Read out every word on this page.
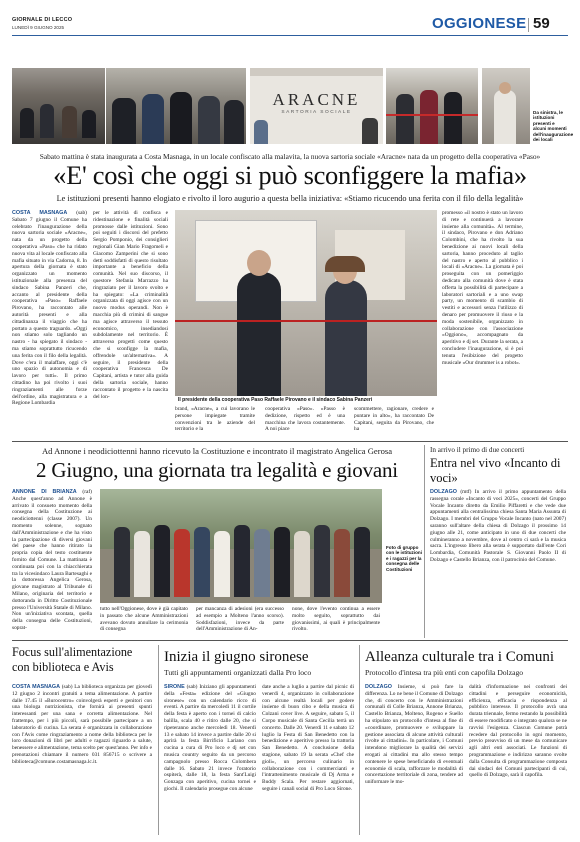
GIORNALE DI LECCO
LUNEDÌ 9 GIUGNO 2025	OGGIONESE 59
ARACNE
SARTORIA SOCIALE	Da sinistra, le istituzioni presenti e alcuni momenti dell'inaugurazione dei locali
Sabato mattina è stata inaugurata a Costa Masnaga, in un locale confiscato alla malavita, la nuova sartoria sociale «Aracne» nata da un progetto della cooperativa «Paso»
«E' così che oggi si può sconfiggere la mafia»
Le istituzioni presenti hanno elogiato e rivolto il loro augurio a questa bella iniziativa: «Stiamo ricucendo una ferita con il filo della legalità»

COSTA MASNAGA (sab) Sabato 7 giugno il Comune ha celebrato l'inaugurazione della nuova sartoria sociale «Aracne», nata da un progetto della cooperativa «Paso» che ha ridato nuova vita al locale confiscato alla mafia situato in via Cadorna, 8. In apertura della giornata è stato organizzato un momento istituzionale alla presenza del sindaco Sabina Panzeri che, accanto al presidente della cooperativa «Paso» Raffaele Pirovano, ha raccontato alle autorità presenti e alla cittadinanza il viaggio che ha portato a questo traguardo. «Oggi non stiamo solo tagliando un nastro - ha spiegato il sindaco - ma stiamo soprattutto ricucendo una ferita con il filo della legalità. Dove c'era il malaffare, oggi c'è uno spazio di autonomia e di lavoro per tutti». Il primo cittadino ha poi rivolto i suoi ringraziamenti alle forze dell'ordine, alla magistratura e a Regione Lombardia

per le attività di confisca e ridestinazione e finalità sociali promosse dalle istituzioni. Sono poi seguiti i discorsi del prefetto Sergio Pomponio, dei consiglieri regionali Gian Mario Fragomeli e Giacomo Zamperini che si sono detti soddisfatti di questo risultato importante a beneficio della comunità. Nel suo discorso, il questore Stefania Marrazzo ha ringraziato per il lavoro svolto e ha spiegato: «La criminalità organizzata di oggi agisce con un nuovo modus operandi. Non è macchia più di crimini di sangue ma agisce attraverso il tessuto economico, insediandosi subdolamente nel territorio. È attraverso progetti come questo che si sconfigge la mafia, offrendole un'alternativa». A seguire, il presidente della cooperativa Francesca De Capitani, artista e tutor alla guida della sartoria sociale, hanno raccontato il progetto e la nascita del lon-

Il presidente della cooperativa Paso Raffaele Pirovano e il sindaco Sabina Panzeri

brand, «Aracne», a cui lavorano le persone impiegate tramite convenzioni tra le aziende del territorio e la

cooperativa «Paso». «Passo è dedizione, rispetto ed è una macchina che lavora costantemente. A noi piace

scommettere, ragionare, credere e puntare in alto», ha raccontato De Capitani, seguita da Pirovano, che ha

promesso «il nostro è stato un lavoro di rete e continuerà a lavorare insieme alla comunità». Al termine, il sindaco, Pirovano e don Adriano Colombini, che ha rivolto la sua benedizione ai nuovi locali della sartoria, hanno proceduto al taglio del nastro e aperto al pubblico i locali di «Aracne». La giornata è poi proseguita con un pomeriggio dedicato alla comunità dove è stata offerta la possibilità di partecipare a laboratori sartoriali e a uno swap party, un momento di scambio di vestiti e accessori senza l'utilizzo di denaro per promuovere il riuso e la moda sostenibile, organizzato in collaborazione con l'associazione «Oggiono», accompagnato da aperitivo e dj set. Durante la serata, a concludere l'inaugurazione, si è poi tenuta l'esibizione del progetto musicale «Our drummer is a robot».

Ad Annone i neodiciottenni hanno ricevuto la Costituzione e incontrato il magistrato Angelica Gerosa
2 Giugno, una giornata tra legalità e giovani

ANNONE DI BRIANZA (raf) Anche quest'anno ad Annone è arrivato il consueto momento della consegna della Costituzione ai neodiciottenni (classe 2007). Un momento solenne, sognato dall'Amministrazione e che ha visto la partecipazione di diversi giovani del paese che hanno ritirato la propria copia del testo costituente fornito dal Comune. La mattinata è continuata poi con la chiacchierata tra la vicesindaco Laura Bartesaghi e la dottoressa Angelica Gerosa, giovane magistrato al Tribunale di Milano, originaria del territorio e dottoranda in Diritto Costituzionale presso l'Università Statale di Milano. Non un'iniziativa scontata, quella della consegna delle Costituzioni, soprat-

Foto di gruppo con le istituzioni e i ragazzi per la consegna delle Costituzioni

tutto nell'Oggionese, dove è già capitato in passato che alcune Amministrazioni avevano dovuto annullare la cerimonia di consegna

per mancanza di adesioni (era successo ad esempio a Molteno l'anno scorso). Soddisfazioni, invece da parte dell'Amministrazione di An-

none, dove l'evento continua a essere molto seguito, soprattutto dai giovanissimi, ai quali è principalmente rivolto.

In arrivo il primo di due concerti
Entra nel vivo «Incanto di voci»

DOLZAGO (mtf) In arrivo il primo appuntamento della rassegna corale «Incanto di voci 2025», concerti del Gruppo Vocale Incanto diretto da Emilio Piffaretti e che vede due appuntamenti alla centralissima chiesa Santa Maria Assunta di Dolzago. I membri del Gruppo Vocale Incanto (nato nel 2007) saranno sull'altare della chiesa di Dolzago il prossimo 14 giugno alle 21, come anticipato in uno di due concerti che culmineranno a novembre, dove al centro ci sarà e la musica sacra. L'ingresso libero alla serata è supportato dall'ente Cori Lombardia, Comunità Pastorale S. Giovanni Paolo II di Dolzago e Castello Brianza, con il patrocinio del Comune.

Focus sull'alimentazione con biblioteca e Avis

COSTA MASNAGA (sab) La biblioteca organizza per giovedì 12 giugno 2 incontri gratuiti a tema alimentazione. A partire dalle 17.45 il «Burocentro» coinvolgerà esperti e genitori con una biologa nutrizionista, che fornirà ai presenti spunti interessanti per una sana e corretta alimentazione. Nel frattempo, per i più piccoli, sarà possibile partecipare a un laboratorio di cucina. La serata è organizzata in collaborazione con l'Avis come ringraziamento a nome della biblioteca per le loro donazioni di libri per adulti e ragazzi riguardo a salute, benessere e alimentazione, tema scelto per quest'anno. Per info e prenotazioni chiamare il numero 031 856715 o scrivere a biblioteca@comune.costamasnaga.lc.it.

Inizia il giugno sironese
Tutti gli appuntamenti organizzati dalla Pro loco

SIRONE (sab) Iniziano gli appuntamenti della «Festa» edizione del «Giugno sironese» con un calendario ricco di eventi. A partire da mercoledì 11 il cortile della festa è aperto con i tornei di calcio balilla, scala 40 e ritiro dalle 20, che si ripeteranno anche mercoledì 18. Venerdì 13 e sabato 14 invece a partire dalle 20 si aprirà la festa Birrificio Lariano con cucina a cura di Pro loco e dj set con musica country seguito da un percorso campagnolo presso Rocca Colombera dalle 16. Sabato 21 invece l'oratorio ospiterà, dalle 18, la festa Sant'Luigi Gonzaga con aperitivo, cucina tornei e giochi. Il calendario prosegue con alcune

date anche a luglio a partire dal picnic di venerdì 4, organizzato in collaborazione con alcune realtà locali per godere insieme di buon cibo e della musica di Colzani cover live. A seguire, sabato 5, il Corpo musicale di Santa Cecilia terrà un concerto. Dalle 20. Venerdì 11 e sabato 12 luglio la Festa di San Benedetto con la benedizione e aperitivo presso la trattoria San Benedetto. A conclusione della stagione, sabato 19 la serata «Chef che gioli», un percorso culinario in collaborazione con i commercianti e l'intrattenimento musicale di Dj Arma e Buddy Scala. Per restare aggiornati, seguire i canali social di Pro Loco Sirone.

Alleanza culturale tra i Comuni
Protocollo d'intesa tra più enti con capofila Dolzago

DOLZAGO Insieme, si può fare la differenza. Lo ne bene il Comune di Dolzago che, di concerto con le Amministrazioni comunali di Colle Brianza, Annone Brianza, Castello Brianza, Molteno, Rogeno e Suello ha stipulato un protocollo d'intesa al fine di «coordinare, promuovere e sviluppare la gestione associata di alcune attività culturali rivolte ai cittadini». In particolare, i Comuni intendono migliorare la qualità dei servizi erogati ai cittadini ma allo stesso tempo contenere le spese beneficiando di eventuali economie di scala, rafforzare le modalità di concertazione territoriale di zona, tendere ad uniformare le mo-

dalità d'informazione nei confronti dei cittadini e perseguire economicità, efficienza, efficacia e rispondenza al pubblico interesse. Il protocollo avrà una durata triennale, fermo restando la possibilità di essere modificato o integrato qualora se ne ravvisi l'esigenza. Ciascun Comune potrà recedere dal protocollo in ogni momento, previo preavviso di un mese da comunicare agli altri enti associati. Le funzioni di programmazione e indirizzo saranno svolte dalla Consulta di programmazione composta dai sindaci dei Comuni partecipanti di cui, quello di Dolzago, sarà il capofila.
